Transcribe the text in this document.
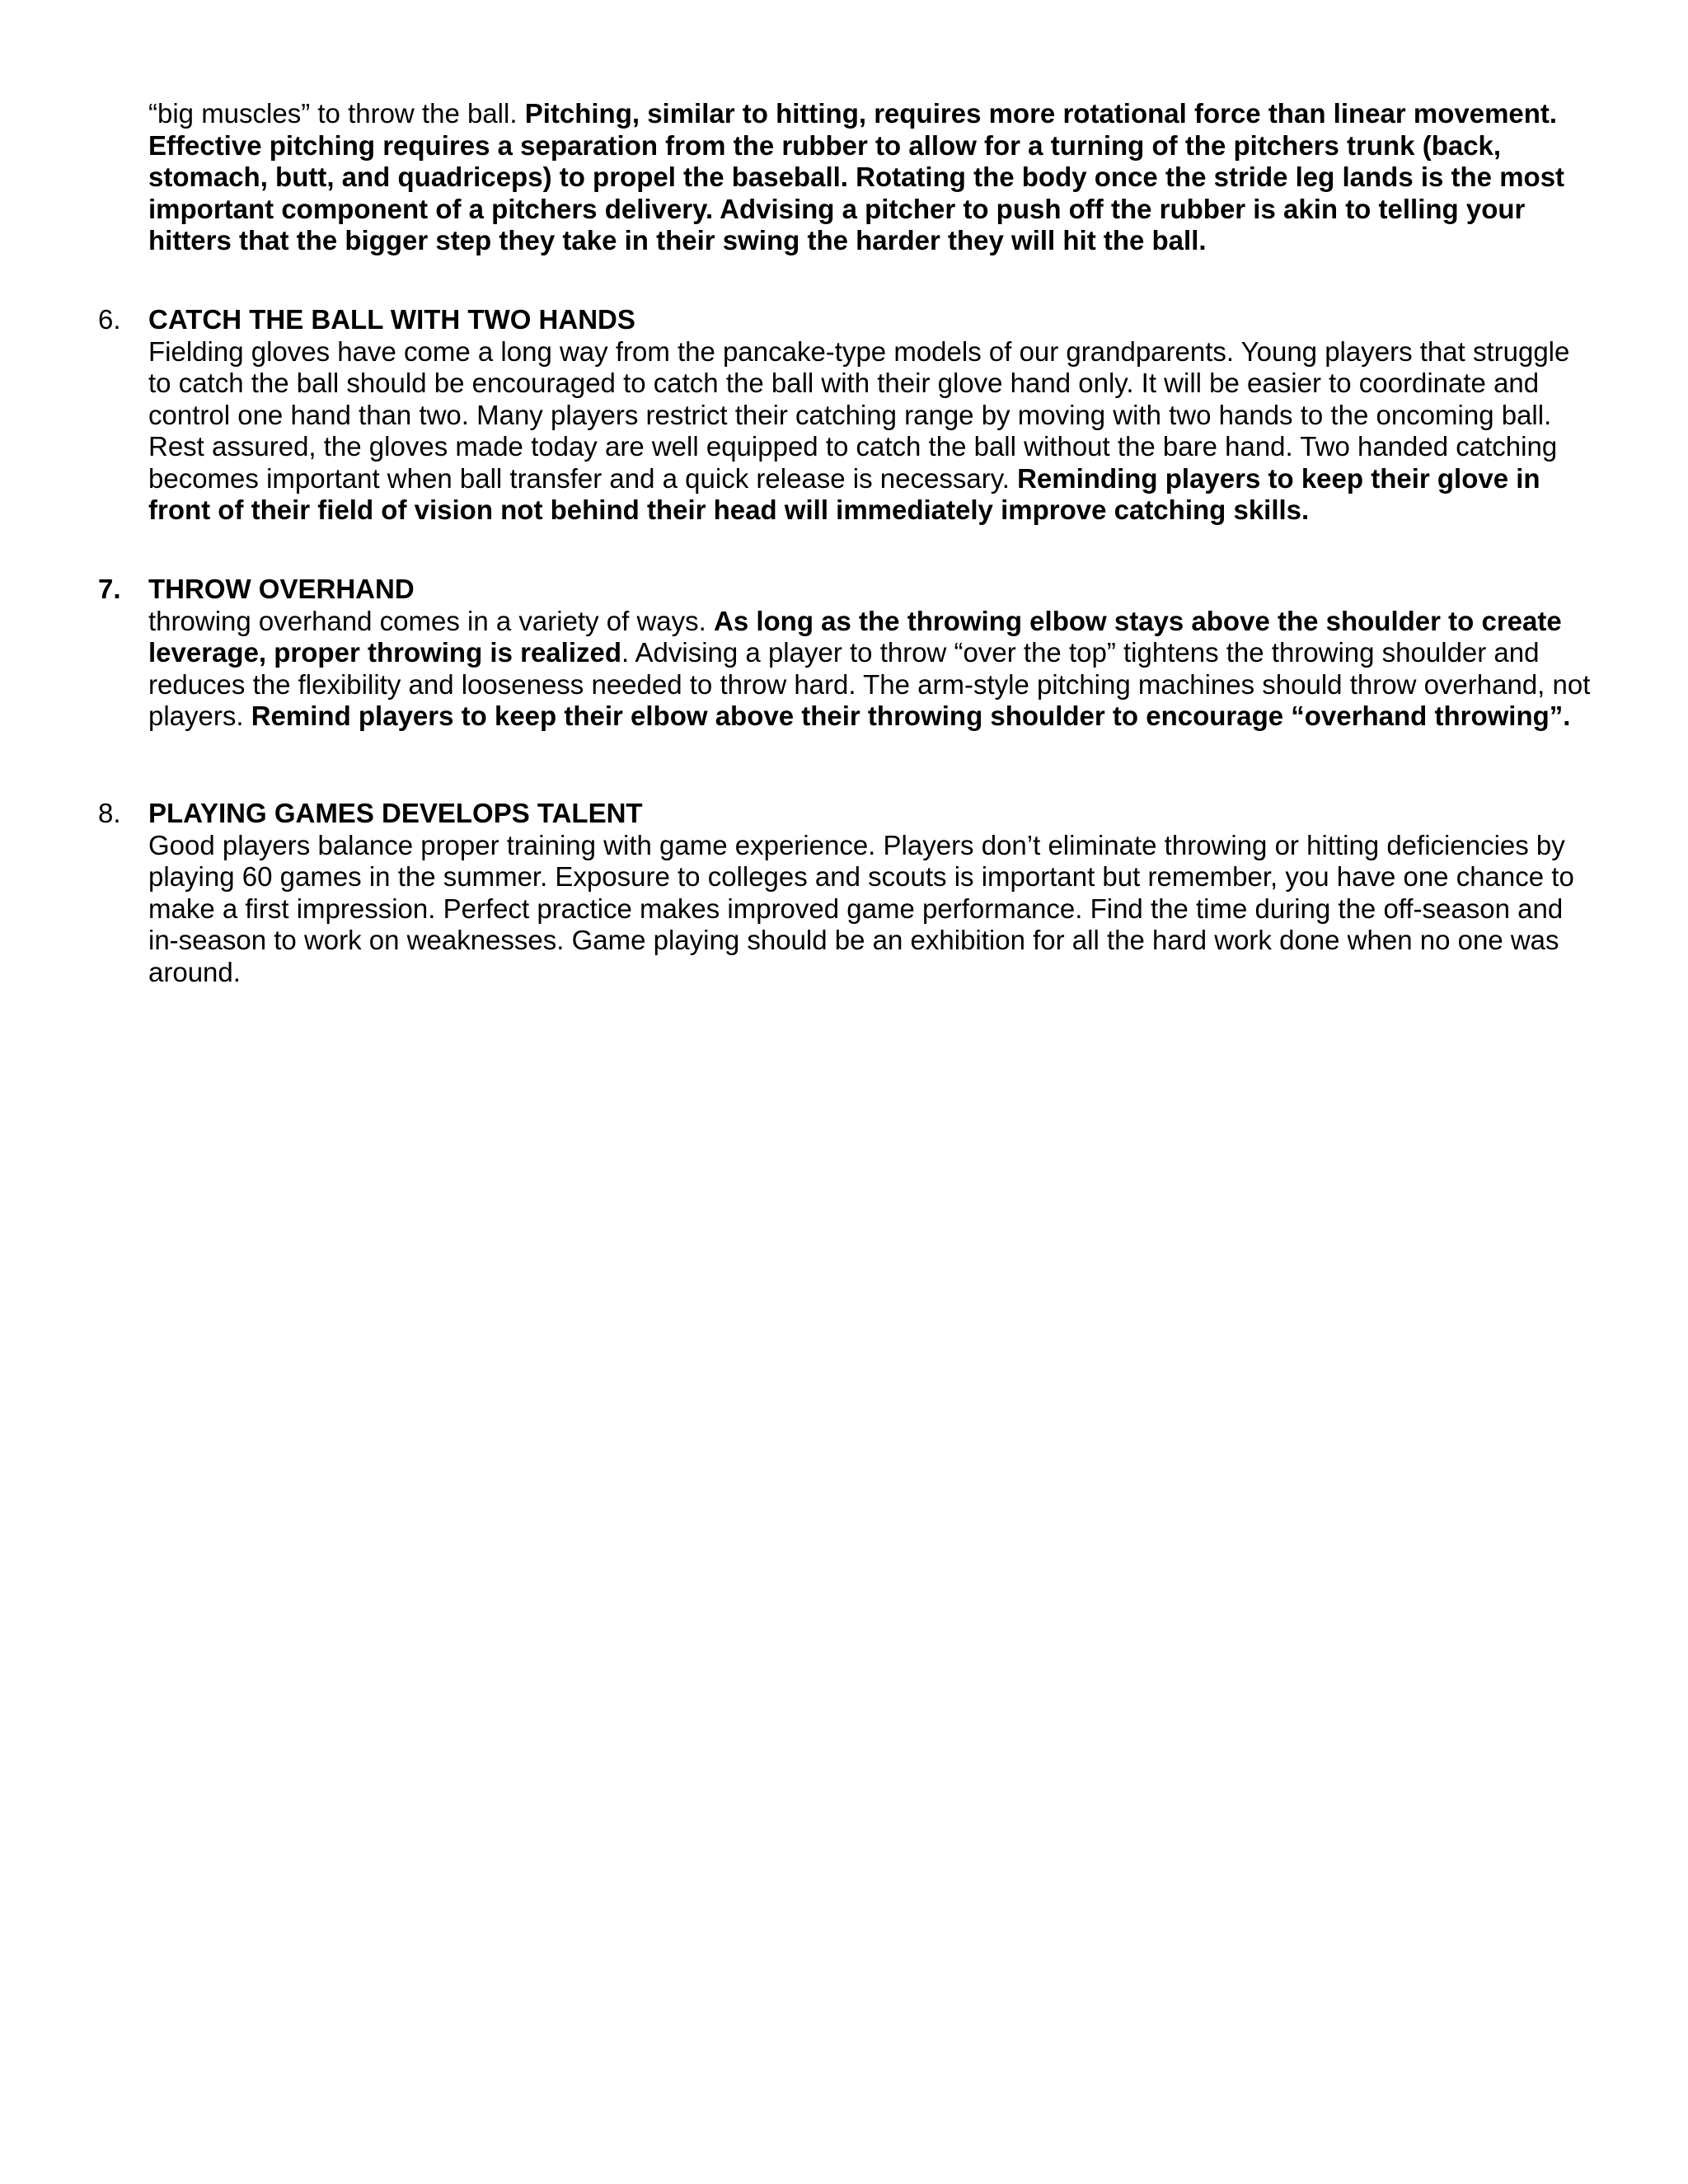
“big muscles” to throw the ball. Pitching, similar to hitting, requires more rotational force than linear movement. Effective pitching requires a separation from the rubber to allow for a turning of the pitchers trunk (back, stomach, butt, and quadriceps) to propel the baseball. Rotating the body once the stride leg lands is the most important component of a pitchers delivery. Advising a pitcher to push off the rubber is akin to telling your hitters that the bigger step they take in their swing the harder they will hit the ball.
6. CATCH THE BALL WITH TWO HANDS
Fielding gloves have come a long way from the pancake-type models of our grandparents. Young players that struggle to catch the ball should be encouraged to catch the ball with their glove hand only. It will be easier to coordinate and control one hand than two. Many players restrict their catching range by moving with two hands to the oncoming ball. Rest assured, the gloves made today are well equipped to catch the ball without the bare hand. Two handed catching becomes important when ball transfer and a quick release is necessary. Reminding players to keep their glove in front of their field of vision not behind their head will immediately improve catching skills.
7. THROW OVERHAND
throwing overhand comes in a variety of ways. As long as the throwing elbow stays above the shoulder to create leverage, proper throwing is realized. Advising a player to throw “over the top” tightens the throwing shoulder and reduces the flexibility and looseness needed to throw hard. The arm-style pitching machines should throw overhand, not players. Remind players to keep their elbow above their throwing shoulder to encourage “overhand throwing”.
8. PLAYING GAMES DEVELOPS TALENT
Good players balance proper training with game experience. Players don’t eliminate throwing or hitting deficiencies by playing 60 games in the summer. Exposure to colleges and scouts is important but remember, you have one chance to make a first impression. Perfect practice makes improved game performance. Find the time during the off-season and in-season to work on weaknesses. Game playing should be an exhibition for all the hard work done when no one was around.
